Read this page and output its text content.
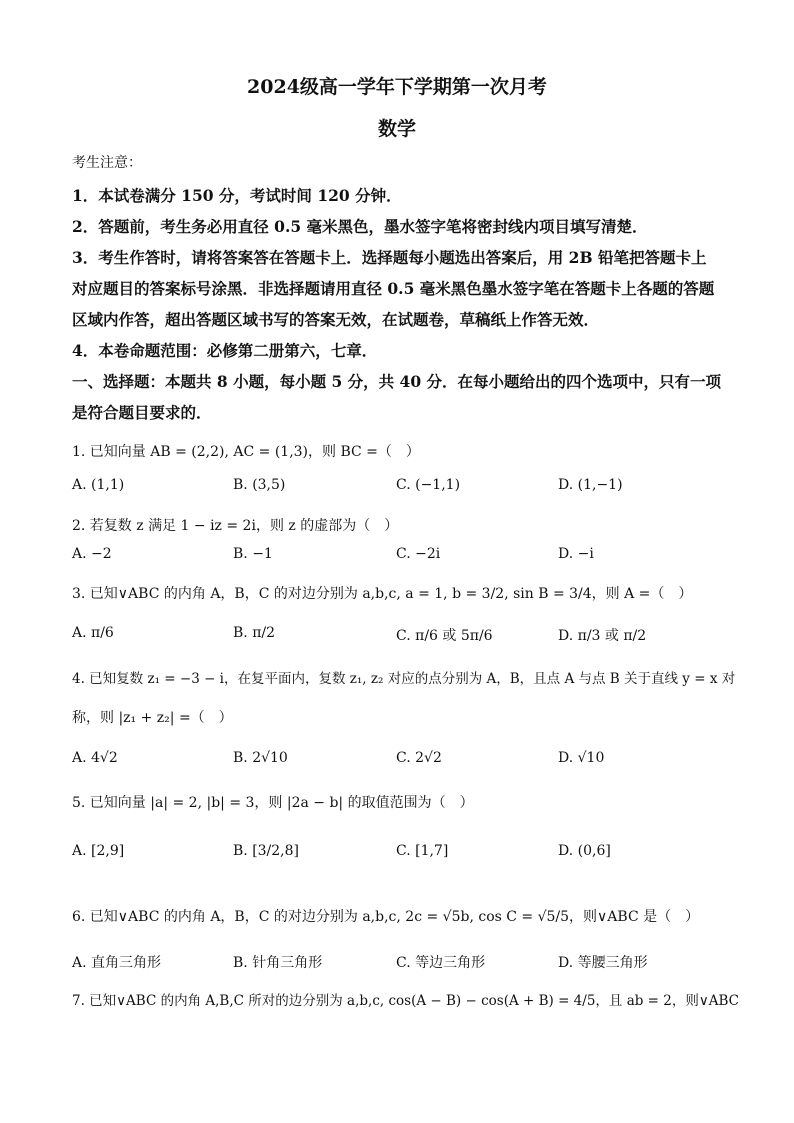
2024级高一学年下学期第一次月考
数学
考生注意：
1．本试卷满分 150 分，考试时间 120 分钟．
2．答题前，考生务必用直径 0.5 毫米黑色，墨水签字笔将密封线内项目填写清楚．
3．考生作答时，请将答案答在答题卡上．选择题每小题选出答案后，用 2B 铅笔把答题卡上
对应题目的答案标号涂黑．非选择题请用直径 0.5 毫米黑色墨水签字笔在答题卡上各题的答题
区域内作答，超出答题区域书写的答案无效，在试题卷，草稿纸上作答无效．
4．本卷命题范围：必修第二册第六，七章．
一、选择题：本题共 8 小题，每小题 5 分，共 40 分．在每小题给出的四个选项中，只有一项
是符合题目要求的．
1. 已知向量 AB = (2,2), AC = (1,3)，则 BC =（　）
A. (1,1)	B. (3,5)	C. (−1,1)	D. (1,−1)
2. 若复数 z 满足 1 − iz = 2i，则 z 的虚部为（　）
A. −2	B. −1	C. −2i	D. −i
3. 已知∨ABC 的内角 A，B，C 的对边分别为 a,b,c, a = 1, b = 3/2, sin B = 3/4，则 A =（　）
A. π/6	B. π/2	C. π/6 或 5π/6	D. π/3 或 π/2
4. 已知复数 z₁ = −3 − i，在复平面内，复数 z₁, z₂ 对应的点分别为 A，B，且点 A 与点 B 关于直线 y = x 对
称，则 |z₁ + z₂| =（　）
A. 4√2	B. 2√10	C. 2√2	D. √10
5. 已知向量 |a| = 2, |b| = 3，则 |2a − b| 的取值范围为（　）
A. [2,9]	B. [3/2,8]	C. [1,7]	D. (0,6]
6. 已知∨ABC 的内角 A，B，C 的对边分别为 a,b,c, 2c = √5b, cos C = √5/5，则∨ABC 是（　）
A. 直角三角形	B. 针角三角形	C. 等边三角形	D. 等腰三角形
7. 已知∨ABC 的内角 A,B,C 所对的边分别为 a,b,c, cos(A − B) − cos(A + B) = 4/5，且 ab = 2，则∨ABC
